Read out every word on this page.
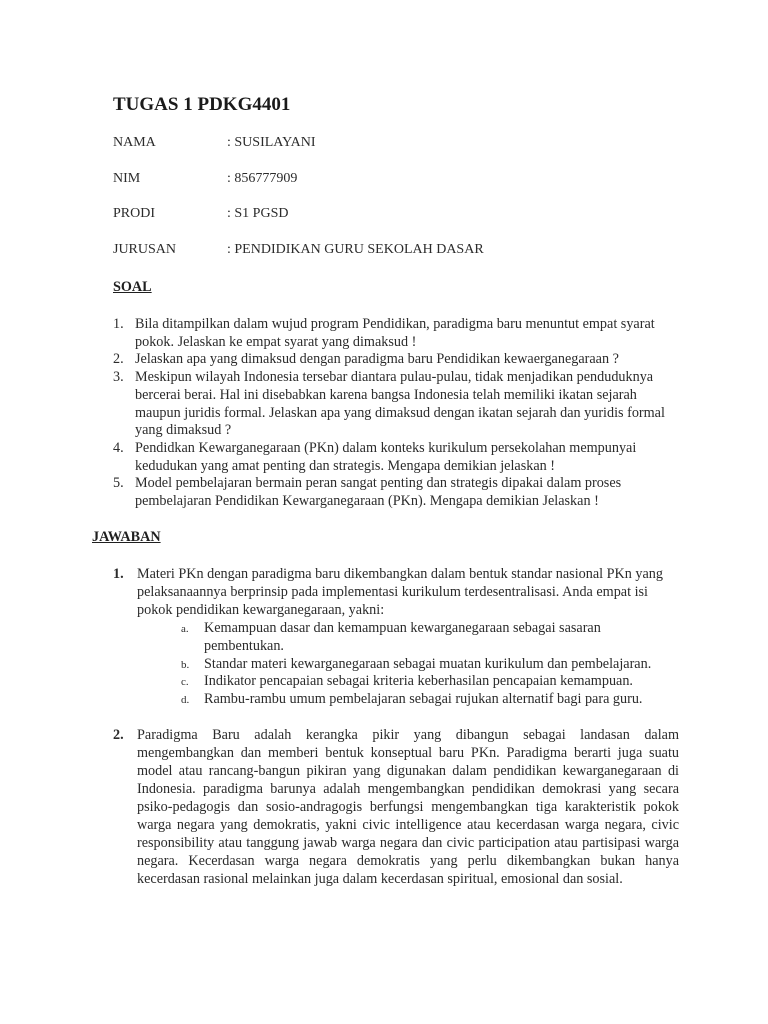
TUGAS 1 PDKG4401
NAMA	: SUSILAYANI
NIM	: 856777909
PRODI	: S1 PGSD
JURUSAN	: PENDIDIKAN GURU SEKOLAH DASAR
SOAL
1. Bila ditampilkan dalam wujud program Pendidikan, paradigma baru menuntut empat syarat pokok. Jelaskan ke empat syarat yang dimaksud !
2. Jelaskan apa yang dimaksud dengan paradigma baru Pendidikan kewaerganegaraan ?
3. Meskipun wilayah Indonesia tersebar diantara pulau-pulau, tidak menjadikan penduduknya bercerai berai. Hal ini disebabkan karena bangsa Indonesia telah memiliki ikatan sejarah maupun juridis formal. Jelaskan apa yang dimaksud dengan ikatan sejarah dan yuridis formal yang dimaksud ?
4. Pendidkan Kewarganegaraan (PKn) dalam konteks kurikulum persekolahan mempunyai kedudukan yang amat penting dan strategis. Mengapa demikian jelaskan !
5. Model pembelajaran bermain peran sangat penting dan strategis dipakai dalam proses pembelajaran Pendidikan Kewarganegaraan (PKn). Mengapa demikian Jelaskan !
JAWABAN
1. Materi PKn dengan paradigma baru dikembangkan dalam bentuk standar nasional PKn yang pelaksanaannya berprinsip pada implementasi kurikulum terdesentralisasi. Anda empat isi pokok pendidikan kewarganegaraan, yakni:
a. Kemampuan dasar dan kemampuan kewarganegaraan sebagai sasaran pembentukan.
b. Standar materi kewarganegaraan sebagai muatan kurikulum dan pembelajaran.
c. Indikator pencapaian sebagai kriteria keberhasilan pencapaian kemampuan.
d. Rambu-rambu umum pembelajaran sebagai rujukan alternatif bagi para guru.
2. Paradigma Baru adalah kerangka pikir yang dibangun sebagai landasan dalam mengembangkan dan memberi bentuk konseptual baru PKn. Paradigma berarti juga suatu model atau rancang-bangun pikiran yang digunakan dalam pendidikan kewarganegaraan di Indonesia. paradigma barunya adalah mengembangkan pendidikan demokrasi yang secara psiko-pedagogis dan sosio-andragogis berfungsi mengembangkan tiga karakteristik pokok warga negara yang demokratis, yakni civic intelligence atau kecerdasan warga negara, civic responsibility atau tanggung jawab warga negara dan civic participation atau partisipasi warga negara. Kecerdasan warga negara demokratis yang perlu dikembangkan bukan hanya kecerdasan rasional melainkan juga dalam kecerdasan spiritual, emosional dan sosial.
